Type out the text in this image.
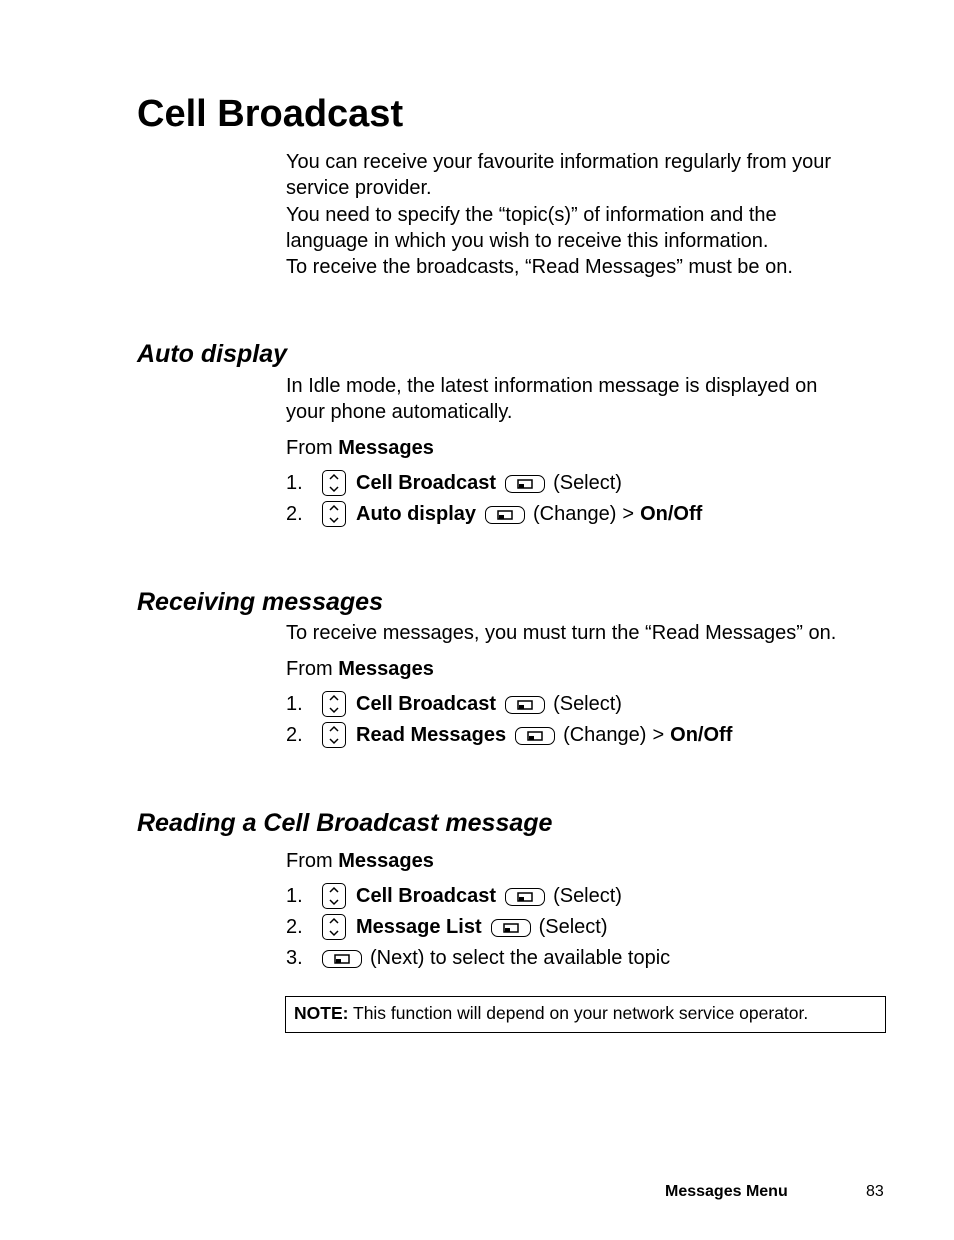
Cell Broadcast
You can receive your favourite information regularly from your
service provider.
You need to specify the “topic(s)” of information and the
language in which you wish to receive this information.
To receive the broadcasts, “Read Messages” must be on.
Auto display
In Idle mode, the latest information message is displayed on
your phone automatically.
From Messages
1.	Cell Broadcast	(Select)
2.	Auto display	(Change) > On/Off
Receiving messages
To receive messages, you must turn the “Read Messages” on.
From Messages
1.	Cell Broadcast	(Select)
2.	Read Messages	(Change) > On/Off
Reading a Cell Broadcast message
From Messages
1.	Cell Broadcast	(Select)
2.	Message List	(Select)
3.	(Next) to select the available topic
NOTE: This function will depend on your network service operator.
Messages Menu	83
